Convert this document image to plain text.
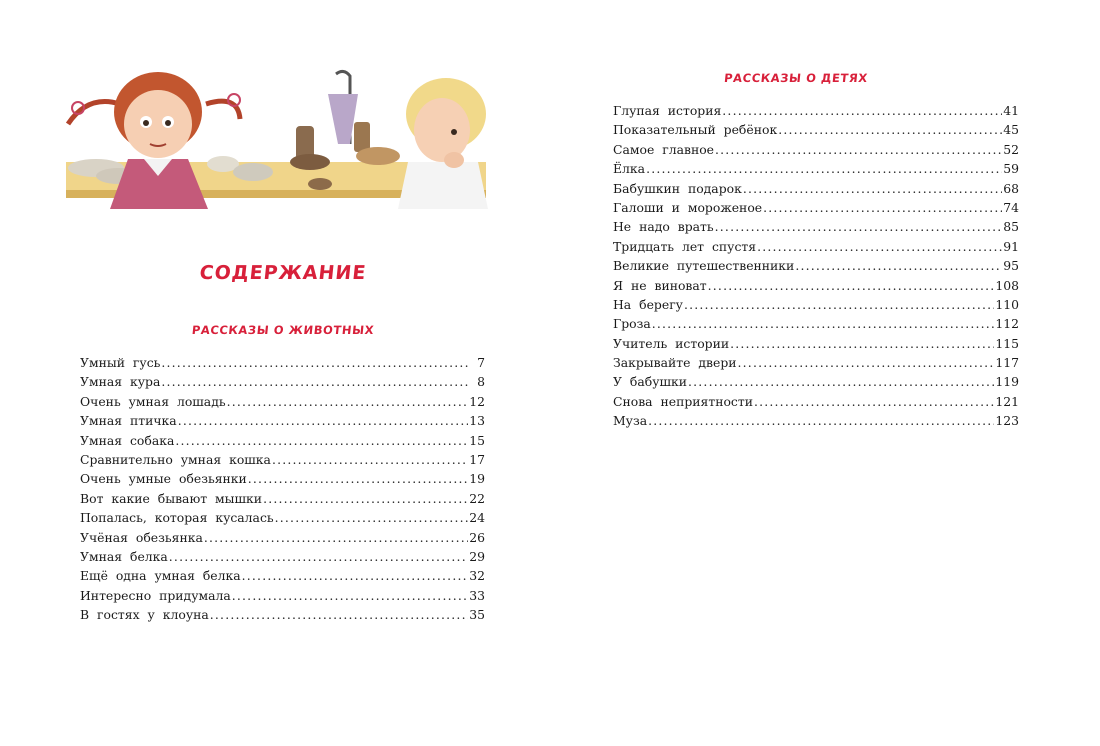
СОДЕРЖАНИЕ
РАССКАЗЫ О ЖИВОТНЫХ
Умный гусь .....	7
Умная кура .....	8
Очень умная лошадь .....	12
Умная птичка .....	13
Умная собака .....	15
Сравнительно умная кошка .....	17
Очень умные обезьянки .....	19
Вот какие бывают мышки .....	22
Попалась, которая кусалась .....	24
Учёная обезьянка .....	26
Умная белка .....	29
Ещё одна умная белка .....	32
Интересно придумала .....	33
В гостях у клоуна .....	35
РАССКАЗЫ О ДЕТЯХ
Глупая история .....	41
Показательный ребёнок .....	45
Самое главное .....	52
Ёлка .....	59
Бабушкин подарок .....	68
Галоши и мороженое .....	74
Не надо врать .....	85
Тридцать лет спустя .....	91
Великие путешественники .....	95
Я не виноват .....	108
На берегу .....	110
Гроза .....	112
Учитель истории .....	115
Закрывайте двери .....	117
У бабушки .....	119
Снова неприятности .....	121
Муза .....	123
